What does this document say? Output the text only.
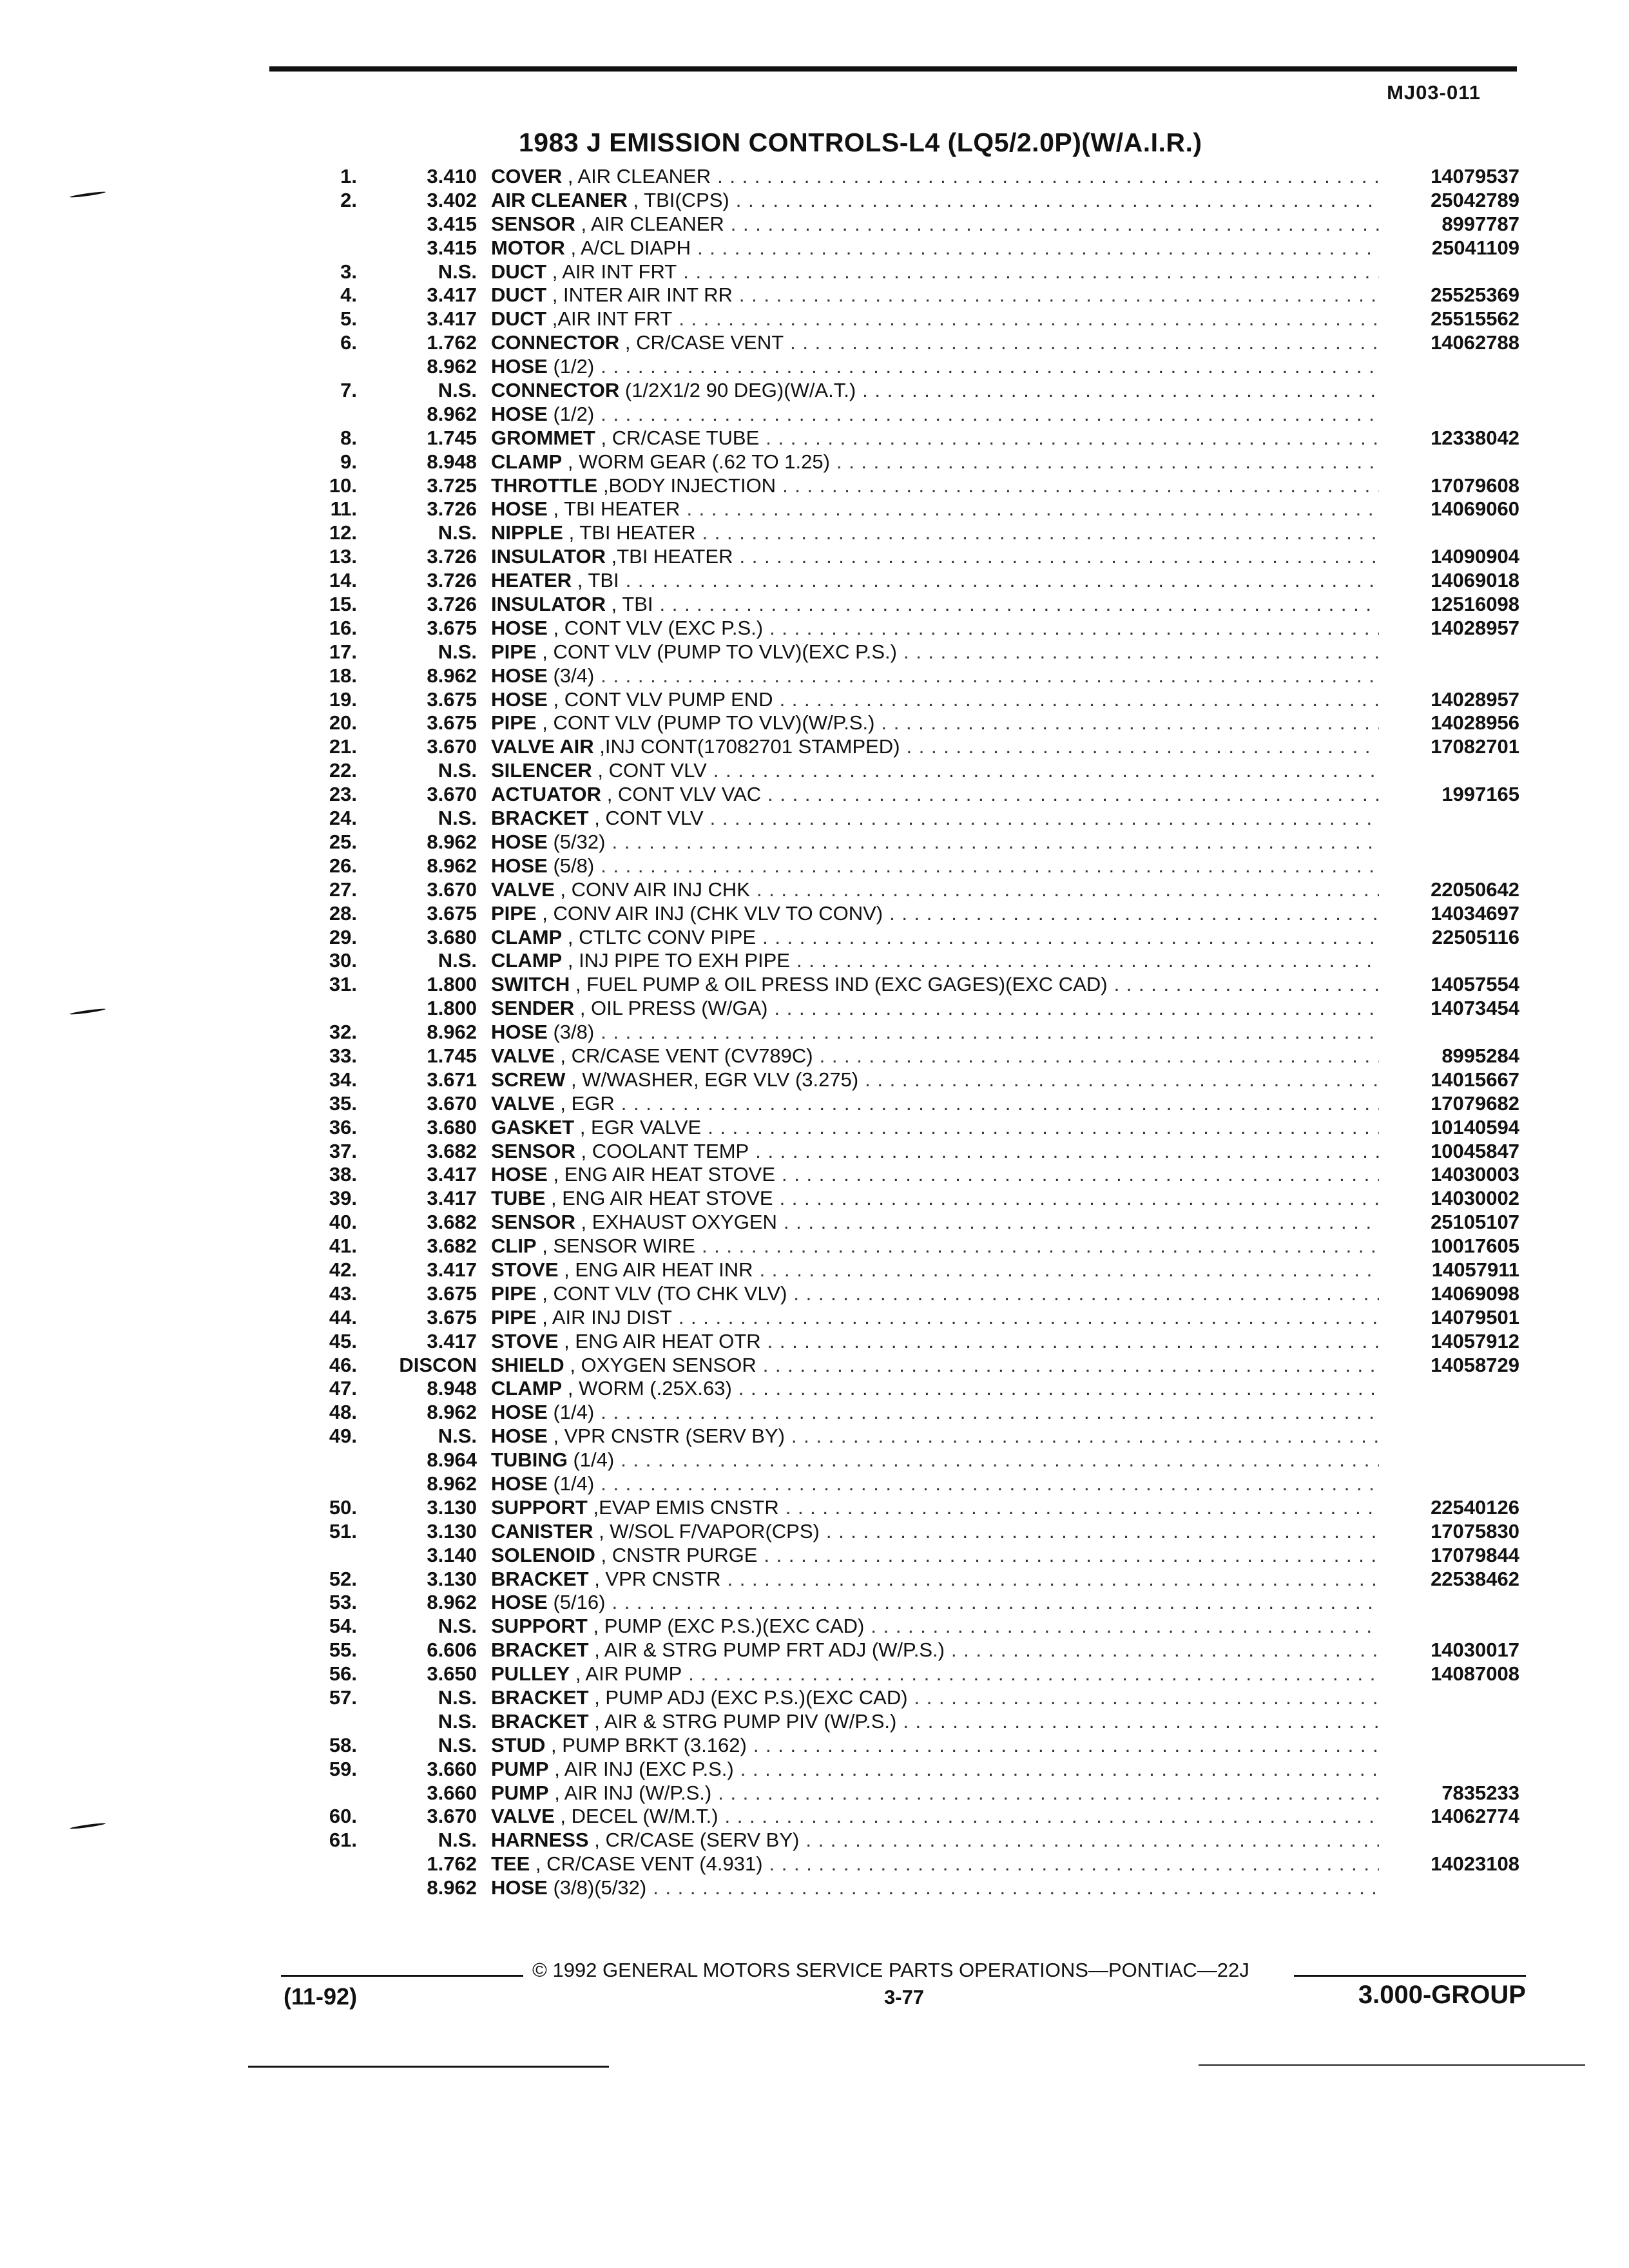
MJ03-011
1983 J EMISSION CONTROLS-L4 (LQ5/2.0P)(W/A.I.R.)
1.	3.410 COVER , AIR CLEANER . . .	14079537
2.	3.402 AIR CLEANER , TBI(CPS) . . .	25042789
3.415 SENSOR , AIR CLEANER . . .	8997787
3.415 MOTOR , A/CL DIAPH . . .	25041109
3.	N.S. DUCT , AIR INT FRT . . .
4.	3.417 DUCT , INTER AIR INT RR . . .	25525369
5.	3.417 DUCT ,AIR INT FRT . . .	25515562
6.	1.762 CONNECTOR , CR/CASE VENT . . .	14062788
8.962 HOSE (1/2) . . .
7.	N.S. CONNECTOR (1/2X1/2 90 DEG)(W/A.T.) . . .
8.962 HOSE (1/2) . . .
8.	1.745 GROMMET , CR/CASE TUBE . . .	12338042
9.	8.948 CLAMP , WORM GEAR (.62 TO 1.25) . . .
10.	3.725 THROTTLE ,BODY INJECTION . . .	17079608
11.	3.726 HOSE , TBI HEATER . . .	14069060
12.	N.S. NIPPLE , TBI HEATER . . .
13.	3.726 INSULATOR ,TBI HEATER . . .	14090904
14.	3.726 HEATER , TBI . . .	14069018
15.	3.726 INSULATOR , TBI . . .	12516098
16.	3.675 HOSE , CONT VLV (EXC P.S.) . . .	14028957
17.	N.S. PIPE , CONT VLV (PUMP TO VLV)(EXC P.S.) . . .
18.	8.962 HOSE (3/4) . . .
19.	3.675 HOSE , CONT VLV PUMP END . . .	14028957
20.	3.675 PIPE , CONT VLV (PUMP TO VLV)(W/P.S.) . . .	14028956
21.	3.670 VALVE AIR ,INJ CONT(17082701 STAMPED) . . .	17082701
22.	N.S. SILENCER , CONT VLV . . .
23.	3.670 ACTUATOR , CONT VLV VAC . . .	1997165
24.	N.S. BRACKET , CONT VLV . . .
25.	8.962 HOSE (5/32) . . .
26.	8.962 HOSE (5/8) . . .
27.	3.670 VALVE , CONV AIR INJ CHK . . .	22050642
28.	3.675 PIPE , CONV AIR INJ (CHK VLV TO CONV) . . .	14034697
29.	3.680 CLAMP , CTLTC CONV PIPE . . .	22505116
30.	N.S. CLAMP , INJ PIPE TO EXH PIPE . . .
31.	1.800 SWITCH , FUEL PUMP & OIL PRESS IND (EXC GAGES)(EXC CAD) . . .	14057554
1.800 SENDER , OIL PRESS (W/GA) . . .	14073454
32.	8.962 HOSE (3/8) . . .
33.	1.745 VALVE , CR/CASE VENT (CV789C) . . .	8995284
34.	3.671 SCREW , W/WASHER, EGR VLV (3.275) . . .	14015667
35.	3.670 VALVE , EGR . . .	17079682
36.	3.680 GASKET , EGR VALVE . . .	10140594
37.	3.682 SENSOR , COOLANT TEMP . . .	10045847
38.	3.417 HOSE , ENG AIR HEAT STOVE . . .	14030003
39.	3.417 TUBE , ENG AIR HEAT STOVE . . .	14030002
40.	3.682 SENSOR , EXHAUST OXYGEN . . .	25105107
41.	3.682 CLIP , SENSOR WIRE . . .	10017605
42.	3.417 STOVE , ENG AIR HEAT INR . . .	14057911
43.	3.675 PIPE , CONT VLV (TO CHK VLV) . . .	14069098
44.	3.675 PIPE , AIR INJ DIST . . .	14079501
45.	3.417 STOVE , ENG AIR HEAT OTR . . .	14057912
46.	DISCON SHIELD , OXYGEN SENSOR . . .	14058729
47.	8.948 CLAMP , WORM (.25X.63) . . .
48.	8.962 HOSE (1/4) . . .
49.	N.S. HOSE , VPR CNSTR (SERV BY) . . .
8.964 TUBING (1/4) . . .
8.962 HOSE (1/4) . . .
50.	3.130 SUPPORT ,EVAP EMIS CNSTR . . .	22540126
51.	3.130 CANISTER , W/SOL F/VAPOR(CPS) . . .	17075830
3.140 SOLENOID , CNSTR PURGE . . .	17079844
52.	3.130 BRACKET , VPR CNSTR . . .	22538462
53.	8.962 HOSE (5/16) . . .
54.	N.S. SUPPORT , PUMP (EXC P.S.)(EXC CAD) . . .
55.	6.606 BRACKET , AIR & STRG PUMP FRT ADJ (W/P.S.) . . .	14030017
56.	3.650 PULLEY , AIR PUMP . . .	14087008
57.	N.S. BRACKET , PUMP ADJ (EXC P.S.)(EXC CAD) . . .
N.S. BRACKET , AIR & STRG PUMP PIV (W/P.S.) . . .
58.	N.S. STUD , PUMP BRKT (3.162) . . .
59.	3.660 PUMP , AIR INJ (EXC P.S.) . . .
3.660 PUMP , AIR INJ (W/P.S.) . . .	7835233
60.	3.670 VALVE , DECEL (W/M.T.) . . .	14062774
61.	N.S. HARNESS , CR/CASE (SERV BY) . . .
1.762 TEE , CR/CASE VENT (4.931) . . .	14023108
8.962 HOSE (3/8)(5/32) . . .
© 1992 GENERAL MOTORS SERVICE PARTS OPERATIONS—PONTIAC—22J
(11-92)	3-77	3.000-GROUP
